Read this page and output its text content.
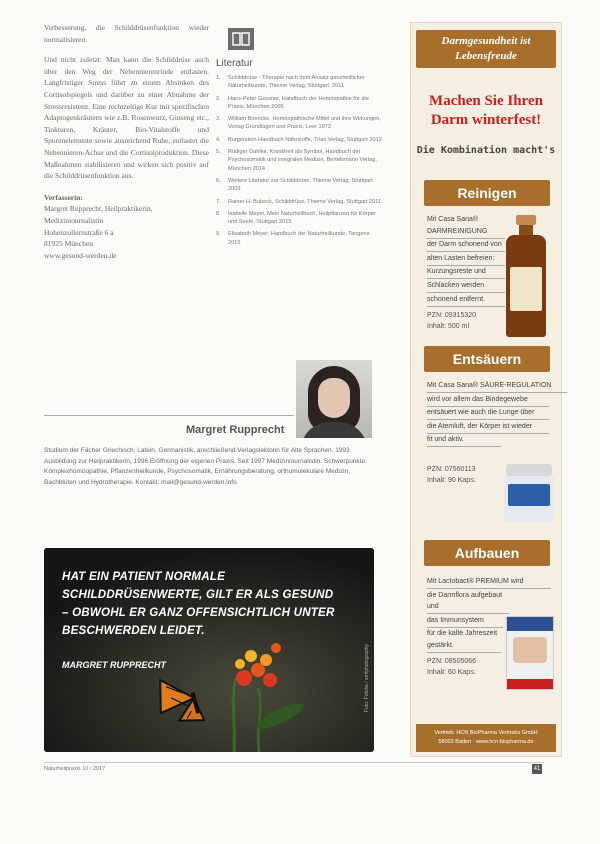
Verbesserung, die Schilddrüsenfunktion wieder normalisieren.

Und nicht zuletzt: Man kann die Schilddrüse auch über den Weg der Nebennierenrinde entlasten. Langfristiger Stress führt zu einem Absinken des Cortisolspiegels und darüber zu einer Abnahme der Stressresistenz. Eine rechtzeitige Kur mit spezifischen Adaptogenkräutern wie z.B. Rosenwurz, Ginseng etc., Tinkturen, Kräuter, Bio-Vitalstoffe und Spurenelemente sowie ausreichend Ruhe, entlastet die Nebennieren-Achse und die Cortisolproduktion. Diese Maßnahmen stabilisieren und wirken sich positiv auf die Schilddrüsenfunktion aus.

Verfasserin:
Margret Rupprecht, Heilpraktikerin,
Mediziniournalistin
Hohenzollernstraße 6 a
81925 München
www.gesund-werden.de
Literatur
1. Schilddrüse - Therapie nach dem Ansatz ganzheitlicher Naturheilkunde, Thieme Verlag, Stuttgart, 2011
2. Hans-Peter Gessner, Handbuch der Homöopathie für die Praxis, München 2005
3. William Boericke, Homöopathische Mittel und ihre Wirkungen, Verlag Grundlagen und Praxis, Leer 1972
4. Burgerstein Handbuch Nährstoffe, Trias Verlag, Stuttgart 2012
5. Rüdiger Dahlke, Krankheit als Symbol, Handbuch der Psychosomatik und integralen Medizin, Bertelsmann Verlag, München 2014
6. Weitere Literatur zur Schilddrüse, Thieme Verlag, Stuttgart 2009
7. Rainer H. Bubeck, Schilddrüse, Thieme Verlag, Stuttgart 2011
8. Isabelle Meyer, Mein Naturheilbuch, Heilpflanzen für Körper und Seele, Stuttgart 2015
9. Elisabeth Meyer, Handbuch der Naturheilkunde, Tangens 2015
Margret Rupprecht
Studium der Fächer Griechisch, Latein, Germanistik, anschließend Verlagslektorin für Alte Sprachen. 1993 Ausbildung zur Heilpraktikerin, 1996 Eröffnung der eigenen Praxis. Seit 1997 Mediziniournalistin. Schwerpunkte: Komplexhomöopathie, Pflanzenheilkunde, Psychosomatik, Ernährungsberatung, orthomolekulare Medizin, Bachblüten und Hydrotherapie. Kontakt: mail@gesund-werden.info
HAT EIN PATIENT NORMALE SCHILDDRÜSENWERTE, GILT ER ALS GESUND – OBWOHL ER GANZ OFFENSICHTLICH UNTER BESCHWERDEN LEIDET.
MARGRET RUPPRECHT	Foto: Fotolia / amfphotography
Darmgesundheit ist Lebensfreude
Machen Sie Ihren Darm winterfest!
Die Kombination macht's
Reinigen
Mit Casa Sana® DARMREINIGUNG
der Darm schonend von
alten Lasten befreien:
Kurzungsreste und
Schlacken werden
schonend entfernt.
PZN: 09315320
Inhalt: 500 ml
Entsäuern
Mit Casa Sana® SÄURE-REGULATION
wird vor allem das Bindegewebe
entsäuert wie auch die Lunge über
die Atemluft, der Körper ist wieder
fit und aktiv.
PZN: 07560113
Inhalt: 90 Kaps.
Aufbauen
Mit Lactobact® PREMIUM wird
die Darmflora aufgebaut und
das Immunsystem
für die kalte Jahreszeit gestärkt.
PZN: 08505066
Inhalt: 60 Kaps.
Vertrieb: HCN BioPharma Vertriebs GmbH
58002 Baden · www.hcn-biopharma.de
Naturheilpraxis 10 / 2017	41
